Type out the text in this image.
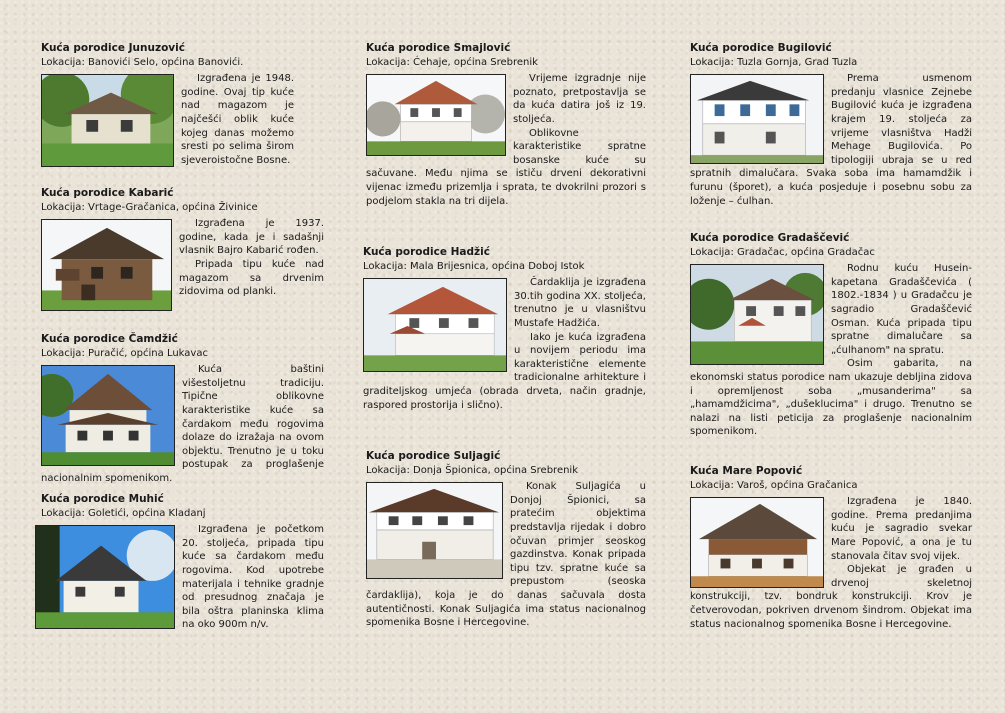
Kuća porodice Junuzović
Lokacija: Banovići Selo, općina Banovići.
Izgrađena je 1948. godine. Ovaj tip kuće nad magazom je najčešći oblik kuće kojeg danas možemo sresti po selima širom sjeveroistočne Bosne.
Kuća porodice Kabarić
Lokacija: Vrtage-Gračanica, općina Živinice
Izgrađena je 1937. godine, kada je i sadašnji vlasnik Bajro Kabarić rođen.
Pripada tipu kuće nad magazom sa drvenim zidovima od planki.
Kuća porodice Čamdžić
Lokacija: Puračić, općina Lukavac
Kuća baštini višestoljetnu tradiciju. Tipične oblikovne karakteristike kuće sa čardakom među rogovima dolaze do izražaja na ovom objektu. Trenutno je u toku postupak za proglašenje nacionalnim spomenikom.
Kuća porodice Muhić
Lokacija: Goletići, općina Kladanj
Izgrađena je početkom 20. stoljeća, pripada tipu kuće sa čardakom među rogovima. Kod upotrebe materijala i tehnike gradnje od presudnog značaja je bila oštra planinska klima na oko 900m n/v.
Kuća porodice Smajlović
Lokacija: Ćehaje, općina Srebrenik
Vrijeme izgradnje nije poznato, pretpostavlja se da kuća datira još iz 19. stoljeća.
Oblikovne karakteristike spratne bosanske kuće su sačuvane. Među njima se ističu drveni dekorativni vijenac između prizemlja i sprata, te dvokrilni prozori s podjelom stakla na tri dijela.
Kuća porodice Hadžić
Lokacija: Mala Brijesnica, općina Doboj Istok
Čardaklija je izgrađena 30.tih godina XX. stoljeća, trenutno je u vlasništvu Mustafe Hadžića.
Iako je kuća izgrađena u novijem periodu ima karakteristične elemente tradicionalne arhitekture i graditeljskog umjeća (obrada drveta, način gradnje, raspored prostorija i slično).
Kuća porodice Suljagić
Lokacija: Donja Špionica, općina Srebrenik
Konak Suljagića u Donjoj Špionici, sa pratećim objektima predstavlja rijedak i dobro očuvan primjer seoskog gazdinstva. Konak pripada tipu tzv. spratne kuće sa prepustom (seoska čardaklija), koja je do danas sačuvala dosta autentičnosti. Konak Suljagića ima status nacionalnog spomenika Bosne i Hercegovine.
Kuća porodice Bugilović
Lokacija: Tuzla Gornja, Grad Tuzla
Prema usmenom predanju vlasnice Zejnebe Bugilović kuća je izgrađena krajem 19. stoljeća za vrijeme vlasništva Hadži Mehage Bugilovića. Po tipologiji ubraja se u red spratnih dimalučara. Svaka soba ima hamamdžik i furunu (šporet), a kuća posjeduje i posebnu sobu za loženje – ćulhan.
Kuća porodice Gradaščević
Lokacija: Gradačac, općina Gradačac
Rodnu kuću Husein-kapetana Gradaščevića ( 1802.-1834 ) u Gradačcu je sagradio Gradaščević Osman. Kuća pripada tipu spratne dimalučare sa „ćulhanom" na spratu.
Osim gabarita, na ekonomski status porodice nam ukazuje debljina zidova i opremljenost soba „musanderima" sa „hamamdžicima", „dušeklucima" i drugo. Trenutno se nalazi na listi peticija za proglašenje nacionalnim spomenikom.
Kuća Mare Popović
Lokacija: Varoš, općina Gračanica
Izgrađena je 1840. godine. Prema predanjima kuću je sagradio svekar Mare Popović, a ona je tu stanovala čitav svoj vijek.
Objekat je građen u drvenoj skeletnoj konstrukciji, tzv. bondruk konstrukciji. Krov je četverovodan, pokriven drvenom šindrom. Objekat ima status nacionalnog spomenika Bosne i Hercegovine.
